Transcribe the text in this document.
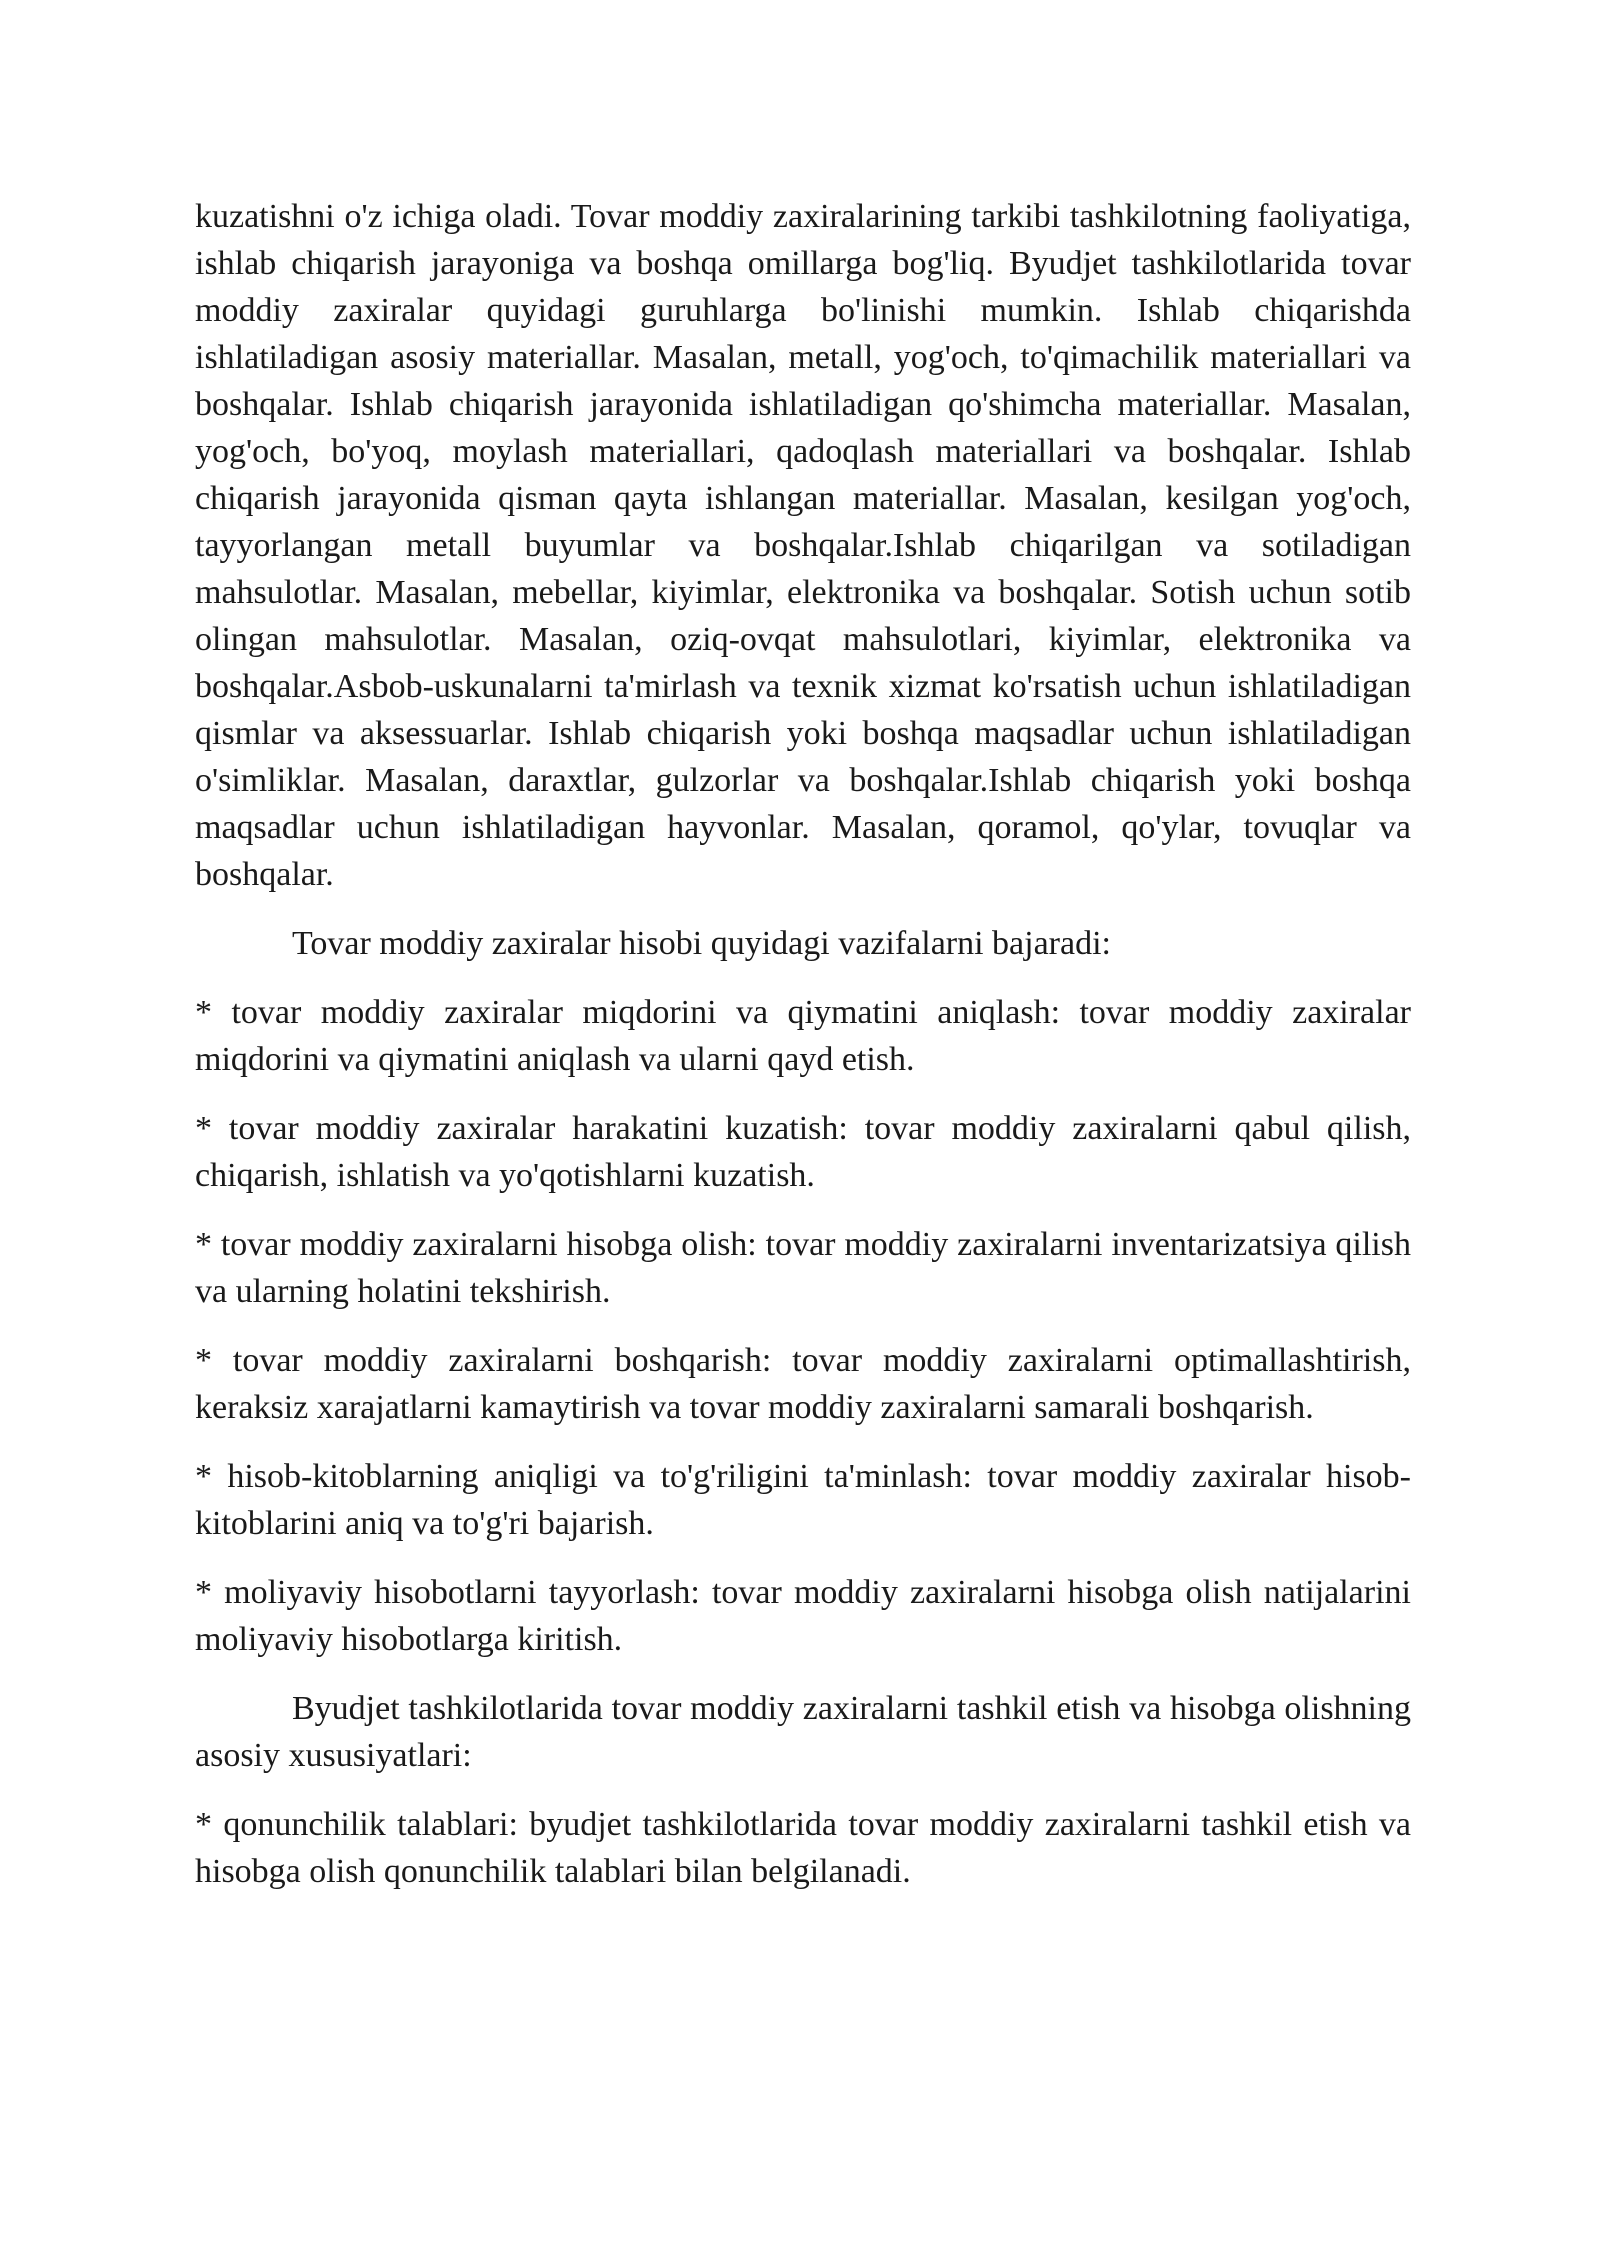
kuzatishni o'z ichiga oladi. Tovar moddiy zaxiralarining tarkibi tashkilotning faoliyatiga, ishlab chiqarish jarayoniga va boshqa omillarga bog'liq. Byudjet tashkilotlarida tovar moddiy zaxiralar quyidagi guruhlarga bo'linishi mumkin. Ishlab chiqarishda ishlatiladigan asosiy materiallar. Masalan, metall, yog'och, to'qimachilik materiallari va boshqalar. Ishlab chiqarish jarayonida ishlatiladigan qo'shimcha materiallar. Masalan, yog'och, bo'yoq, moylash materiallari, qadoqlash materiallari va boshqalar. Ishlab chiqarish jarayonida qisman qayta ishlangan materiallar. Masalan, kesilgan yog'och, tayyorlangan metall buyumlar va boshqalar.Ishlab chiqarilgan va sotiladigan mahsulotlar. Masalan, mebellar, kiyimlar, elektronika va boshqalar. Sotish uchun sotib olingan mahsulotlar. Masalan, oziq-ovqat mahsulotlari, kiyimlar, elektronika va boshqalar.Asbob-uskunalarni ta'mirlash va texnik xizmat ko'rsatish uchun ishlatiladigan qismlar va aksessuarlar. Ishlab chiqarish yoki boshqa maqsadlar uchun ishlatiladigan o'simliklar. Masalan, daraxtlar, gulzorlar va boshqalar.Ishlab chiqarish yoki boshqa maqsadlar uchun ishlatiladigan hayvonlar. Masalan, qoramol, qo'ylar, tovuqlar va boshqalar.

Tovar moddiy zaxiralar hisobi quyidagi vazifalarni bajaradi:

* tovar moddiy zaxiralar miqdorini va qiymatini aniqlash: tovar moddiy zaxiralar miqdorini va qiymatini aniqlash va ularni qayd etish.

* tovar moddiy zaxiralar harakatini kuzatish: tovar moddiy zaxiralarni qabul qilish, chiqarish, ishlatish va yo'qotishlarni kuzatish.

* tovar moddiy zaxiralarni hisobga olish: tovar moddiy zaxiralarni inventarizatsiya qilish va ularning holatini tekshirish.

* tovar moddiy zaxiralarni boshqarish: tovar moddiy zaxiralarni optimallashtirish, keraksiz xarajatlarni kamaytirish va tovar moddiy zaxiralarni samarali boshqarish.

* hisob-kitoblarning aniqligi va to'g'riligini ta'minlash: tovar moddiy zaxiralar hisob-kitoblarini aniq va to'g'ri bajarish.

* moliyaviy hisobotlarni tayyorlash: tovar moddiy zaxiralarni hisobga olish natijalarini moliyaviy hisobotlarga kiritish.

Byudjet tashkilotlarida tovar moddiy zaxiralarni tashkil etish va hisobga olishning asosiy xususiyatlari:

* qonunchilik talablari: byudjet tashkilotlarida tovar moddiy zaxiralarni tashkil etish va hisobga olish qonunchilik talablari bilan belgilanadi.
